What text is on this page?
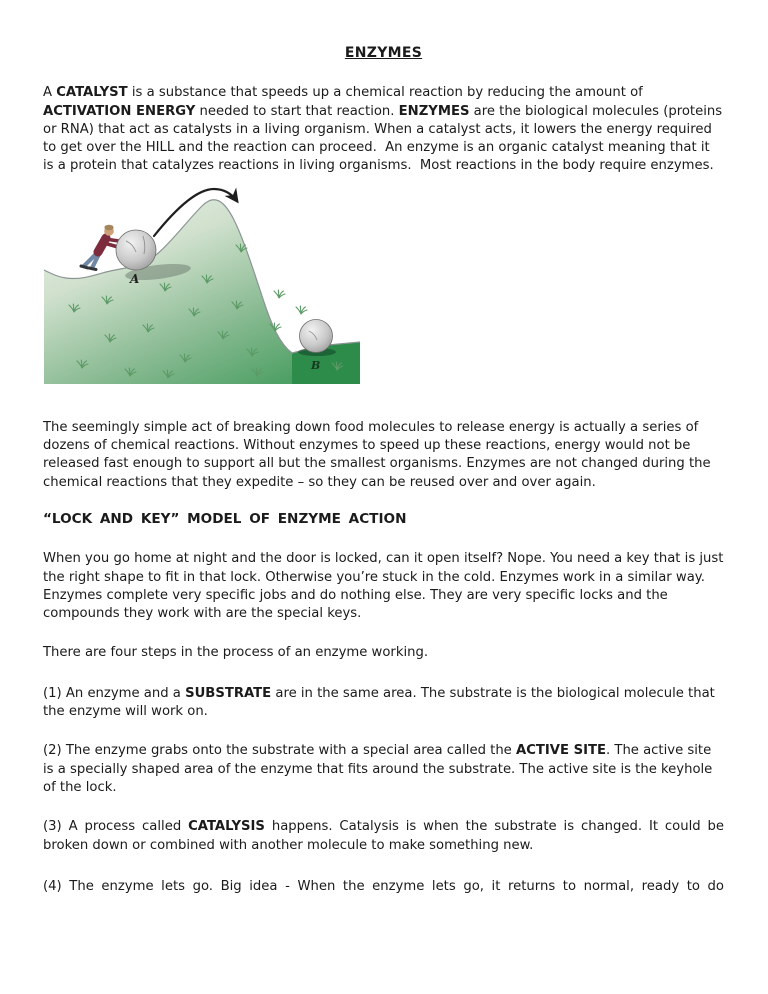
ENZYMES
A CATALYST is a substance that speeds up a chemical reaction by reducing the amount of ACTIVATION ENERGY needed to start that reaction. ENZYMES are the biological molecules (proteins or RNA) that act as catalysts in a living organism. When a catalyst acts, it lowers the energy required to get over the HILL and the reaction can proceed.  An enzyme is an organic catalyst meaning that it is a protein that catalyzes reactions in living organisms.  Most reactions in the body require enzymes.
A
B
The seemingly simple act of breaking down food molecules to release energy is actually a series of dozens of chemical reactions. Without enzymes to speed up these reactions, energy would not be released fast enough to support all but the smallest organisms. Enzymes are not changed during the chemical reactions that they expedite – so they can be reused over and over again.
“LOCK AND KEY” MODEL OF ENZYME ACTION
When you go home at night and the door is locked, can it open itself? Nope. You need a key that is just the right shape to fit in that lock. Otherwise you’re stuck in the cold. Enzymes work in a similar way. Enzymes complete very specific jobs and do nothing else. They are very specific locks and the compounds they work with are the special keys.
There are four steps in the process of an enzyme working.
(1) An enzyme and a SUBSTRATE are in the same area. The substrate is the biological molecule that the enzyme will work on.
(2) The enzyme grabs onto the substrate with a special area called the ACTIVE SITE. The active site is a specially shaped area of the enzyme that fits around the substrate. The active site is the keyhole of the lock.
(3) A process called CATALYSIS happens. Catalysis is when the substrate is changed. It could be broken down or combined with another molecule to make something new.
(4) The enzyme lets go. Big idea - When the enzyme lets go, it returns to normal, ready to do
